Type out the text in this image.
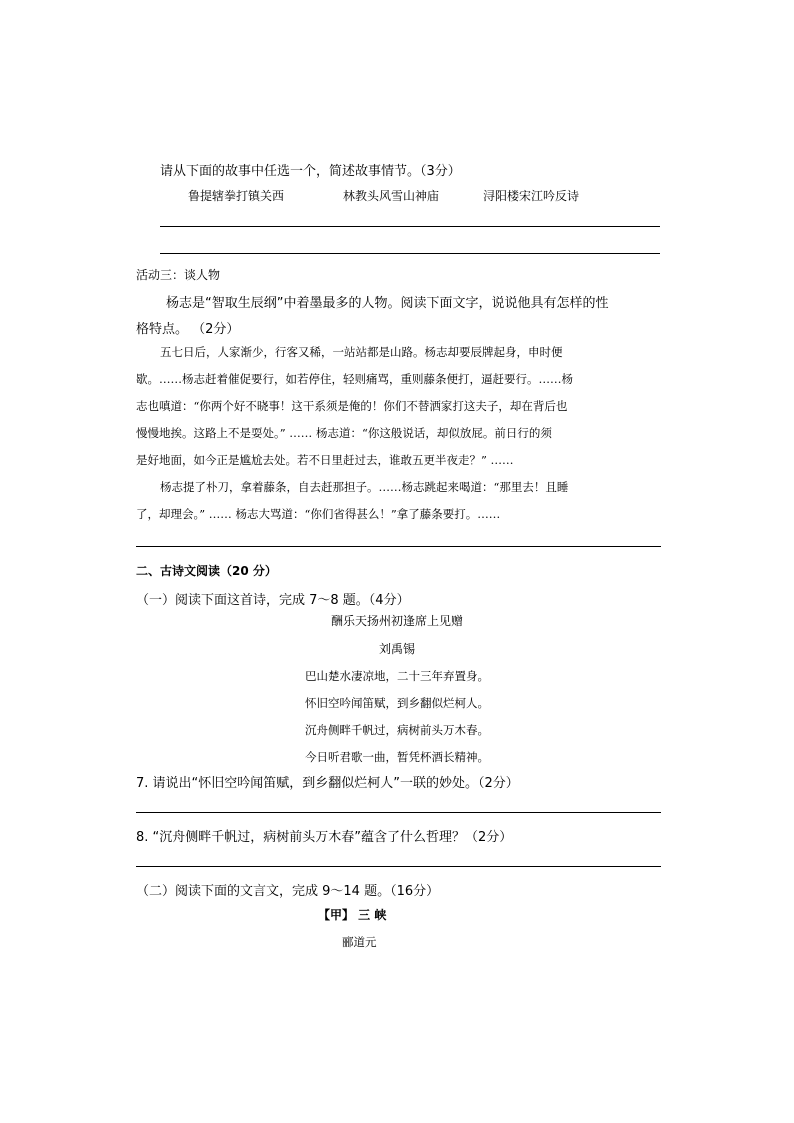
请从下面的故事中任选一个，简述故事情节。（3分）
鲁提辖拳打镇关西	林教头风雪山神庙	浔阳楼宋江吟反诗
活动三：谈人物
杨志是“智取生辰纲”中着墨最多的人物。阅读下面文字，说说他具有怎样的性
格特点。 （2分）
五七日后，人家渐少，行客又稀，一站站都是山路。杨志却要辰牌起身，申时便
歇。……杨志赶着催促要行，如若停住，轻则痛骂，重则藤条便打，逼赶要行。……杨
志也嗔道：“你两个好不晓事！这干系须是俺的！你们不替洒家打这夫子，却在背后也
慢慢地挨。这路上不是耍处。” …… 杨志道：“你这般说话，却似放屁。前日行的须
是好地面，如今正是尴尬去处。若不日里赶过去，谁敢五更半夜走？” ……
杨志提了朴刀，拿着藤条，自去赶那担子。……杨志跳起来喝道：“那里去！且睡
了，却理会。” …… 杨志大骂道：“你们省得甚么！”拿了藤条要打。……
二、古诗文阅读（20 分）
（一）阅读下面这首诗，完成 7～8 题。（4分）
酬乐天扬州初逢席上见赠
刘禹锡
巴山楚水凄凉地，二十三年弃置身。
怀旧空吟闻笛赋，到乡翻似烂柯人。
沉舟侧畔千帆过，病树前头万木春。
今日听君歌一曲，暂凭杯酒长精神。
7. 请说出“怀旧空吟闻笛赋，到乡翻似烂柯人”一联的妙处。（2分）
8. “沉舟侧畔千帆过，病树前头万木春”蕴含了什么哲理？（2分）
（二）阅读下面的文言文，完成 9～14 题。（16分）
【甲】 三 峡
郦道元
